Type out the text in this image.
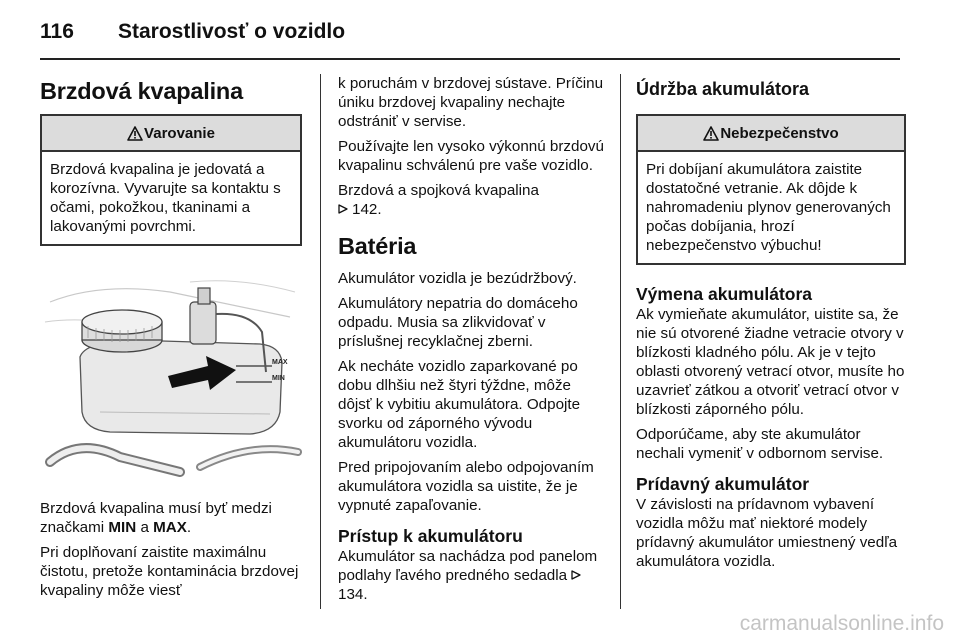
116	Starostlivosť o vozidlo
Brzdová kvapalina
Varovanie

Brzdová kvapalina je jedovatá a korozívna. Vyvarujte sa kontaktu s očami, pokožkou, tkaninami a lakovanými povrchmi.

MAX
MIN

Brzdová kvapalina musí byť medzi značkami MIN a MAX.

Pri doplňovaní zaistite maximálnu čistotu, pretože kontaminácia brzdovej kvapaliny môže viesť

k poruchám v brzdovej sústave. Príčinu úniku brzdovej kvapaliny nechajte odstrániť v servise.

Používajte len vysoko výkonnú brzdovú kvapalinu schválenú pre vaše vozidlo.

Brzdová a spojková kvapalina
142.

Batéria

Akumulátor vozidla je bezúdržbový.

Akumulátory nepatria do domáceho odpadu. Musia sa zlikvidovať v príslušnej recyklačnej zberni.

Ak necháte vozidlo zaparkované po dobu dlhšiu než štyri týždne, môže dôjsť k vybitiu akumulátora. Odpojte svorku od záporného vývodu akumulátoru vozidla.

Pred pripojovaním alebo odpojovaním akumulátora vozidla sa uistite, že je vypnuté zapaľovanie.

Prístup k akumulátoru

Akumulátor sa nachádza pod panelom podlahy ľavého predného sedadla 134.

Údržba akumulátora
Nebezpečenstvo

Pri dobíjaní akumulátora zaistite dostatočné vetranie. Ak dôjde k nahromadeniu plynov generovaných počas dobíjania, hrozí nebezpečenstvo výbuchu!

Výmena akumulátora

Ak vymieňate akumulátor, uistite sa, že nie sú otvorené žiadne vetracie otvory v blízkosti kladného pólu. Ak je v tejto oblasti otvorený vetrací otvor, musíte ho uzavrieť zátkou a otvoriť vetrací otvor v blízkosti záporného pólu.

Odporúčame, aby ste akumulátor nechali vymeniť v odbornom servise.

Prídavný akumulátor

V závislosti na prídavnom vybavení vozidla môžu mať niektoré modely prídavný akumulátor umiestnený vedľa akumulátora vozidla.

carmanualsonline.info
